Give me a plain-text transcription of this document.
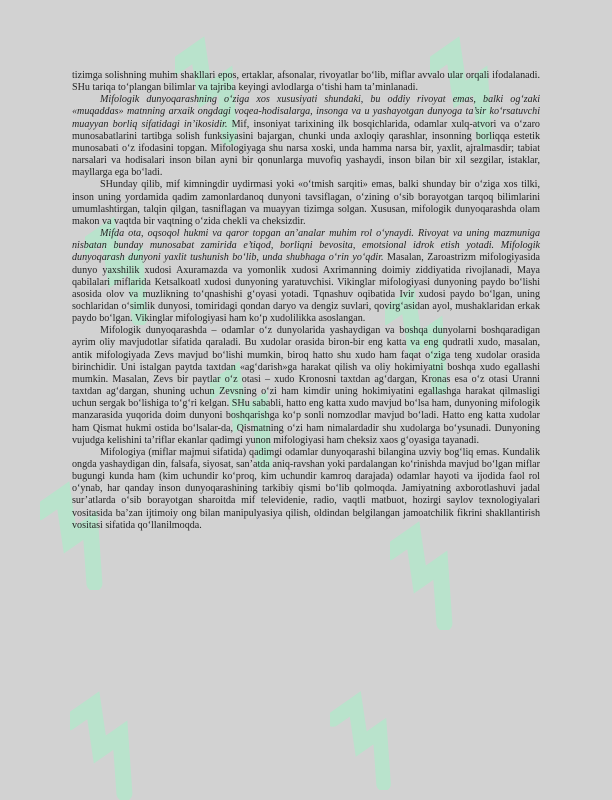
tizimga solishning muhim shakllari epos, ertaklar, afsonalar, rivoyatlar bo‘lib, miflar avvalo ular orqali ifodalanadi. SHu tariqa to‘plangan bilimlar va tajriba keyingi avlodlarga o‘tishi ham ta’minlanadi.

Mifologik dunyoqarashning o‘ziga xos xususiyati shundaki, bu oddiy rivoyat emas, balki og‘zaki «muqaddas» matnning arxaik ongdagi voqea-hodisalarga, insonga va u yashayotgan dunyoga ta’sir ko‘rsatuvchi muayyan borliq sifatidagi in’ikosidir. Mif, insoniyat tarixining ilk bosqichlarida, odamlar xulq-atvori va o‘zaro munosabatlarini tartibga solish funksiyasini bajargan, chunki unda axloqiy qarashlar, insonning borliqqa estetik munosabati o‘z ifodasini topgan. Mifologiyaga shu narsa xoski, unda hamma narsa bir, yaxlit, ajralmasdir; tabiat narsalari va hodisalari inson bilan ayni bir qonunlarga muvofiq yashaydi, inson bilan bir xil sezgilar, istaklar, mayllarga ega bo‘ladi.

SHunday qilib, mif kimningdir uydirmasi yoki «o‘tmish sarqiti» emas, balki shunday bir o‘ziga xos tilki, inson uning yordamida qadim zamonlardanoq dunyoni tavsiflagan, o‘zining o‘sib borayotgan tarqoq bilimlarini umumlashtirgan, talqin qilgan, tasniflagan va muayyan tizimga solgan. Xususan, mifologik dunyoqarashda olam makon va vaqtda bir vaqtning o‘zida chekli va cheksizdir.

Mifda ota, oqsoqol hukmi va qaror topgan an’analar muhim rol o‘ynaydi. Rivoyat va uning mazmuniga nisbatan bunday munosabat zamirida e’tiqod, borliqni bevosita, emotsional idrok etish yotadi. Mifologik dunyoqarash dunyoni yaxlit tushunish bo‘lib, unda shubhaga o‘rin yo‘qdir. Masalan, Zaroastrizm mifologiyasida dunyo yaxshilik xudosi Axuramazda va yomonlik xudosi Axrimanning doimiy ziddiyatida rivojlanadi, Maya qabilalari miflarida Ketsalkoatl xudosi dunyoning yaratuvchisi. Vikinglar mifologiyasi dunyoning paydo bo‘lishi asosida olov va muzlikning to‘qnashishi g‘oyasi yotadi. Tqnashuv oqibatida Ivir xudosi paydo bo‘lgan, uning sochlaridan o‘simlik dunyosi, tomiridagi qondan daryo va dengiz suvlari, qovirg‘asidan ayol, mushaklaridan erkak paydo bo‘lgan. Vikinglar mifologiyasi ham ko‘p xudolilikka asoslangan.

Mifologik dunyoqarashda – odamlar o‘z dunyolarida yashaydigan va boshqa dunyolarni boshqaradigan ayrim oliy mavjudotlar sifatida qaraladi. Bu xudolar orasida biron-bir eng katta va eng qudratli xudo, masalan, antik mifologiyada Zevs mavjud bo‘lishi mumkin, biroq hatto shu xudo ham faqat o‘ziga teng xudolar orasida birinchidir. Uni istalgan paytda taxtdan «ag‘darish»ga harakat qilish va oliy hokimiyatni boshqa xudo egallashi mumkin. Masalan, Zevs bir paytlar o‘z otasi – xudo Kronosni taxtdan ag‘dargan, Kronas esa o‘z otasi Uranni taxtdan ag‘dargan, shuning uchun Zevsning o‘zi ham kimdir uning hokimiyatini egallashga harakat qilmasligi uchun sergak bo‘lishiga to‘g‘ri kelgan. SHu sababli, hatto eng katta xudo mavjud bo‘lsa ham, dunyoning mifologik manzarasida yuqorida doim dunyoni boshqarishga ko‘p sonli nomzodlar mavjud bo‘ladi. Hatto eng katta xudolar ham Qismat hukmi ostida bo‘lsalar-da, Qismatning o‘zi ham nimalardadir shu xudolarga bo‘ysunadi. Dunyoning vujudga kelishini ta’riflar ekanlar qadimgi yunon mifologiyasi ham cheksiz xaos g‘oyasiga tayanadi.

Mifologiya (miflar majmui sifatida) qadimgi odamlar dunyoqarashi bilangina uzviy bog‘liq emas. Kundalik ongda yashaydigan din, falsafa, siyosat, san’atda aniq-ravshan yoki pardalangan ko‘rinishda mavjud bo‘lgan miflar bugungi kunda ham (kim uchundir ko‘proq, kim uchundir kamroq darajada) odamlar hayoti va ijodida faol rol o‘ynab, har qanday inson dunyoqarashining tarkibiy qismi bo‘lib qolmoqda. Jamiyatning axborotlashuvi jadal sur’atlarda o‘sib borayotgan sharoitda mif televidenie, radio, vaqtli matbuot, hozirgi saylov texnologiyalari vositasida ba’zan ijtimoiy ong bilan manipulyasiya qilish, oldindan belgilangan jamoatchilik fikrini shakllantirish vositasi sifatida qo‘llanilmoqda.
